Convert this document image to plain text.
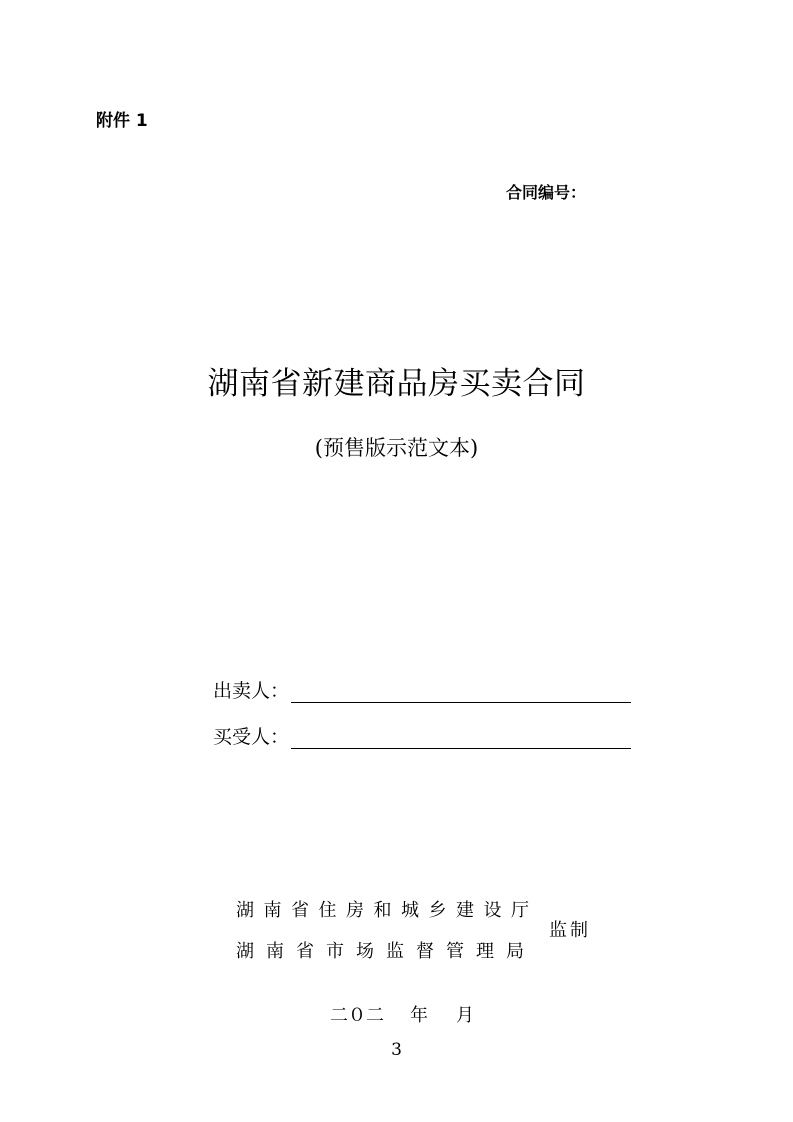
附件 1
合同编号：
湖南省新建商品房买卖合同
(预售版示范文本)
出卖人：
买受人：
湖南省住房和城乡建设厅
湖南省市场监督管理局
监制
二０二 年 月
3
